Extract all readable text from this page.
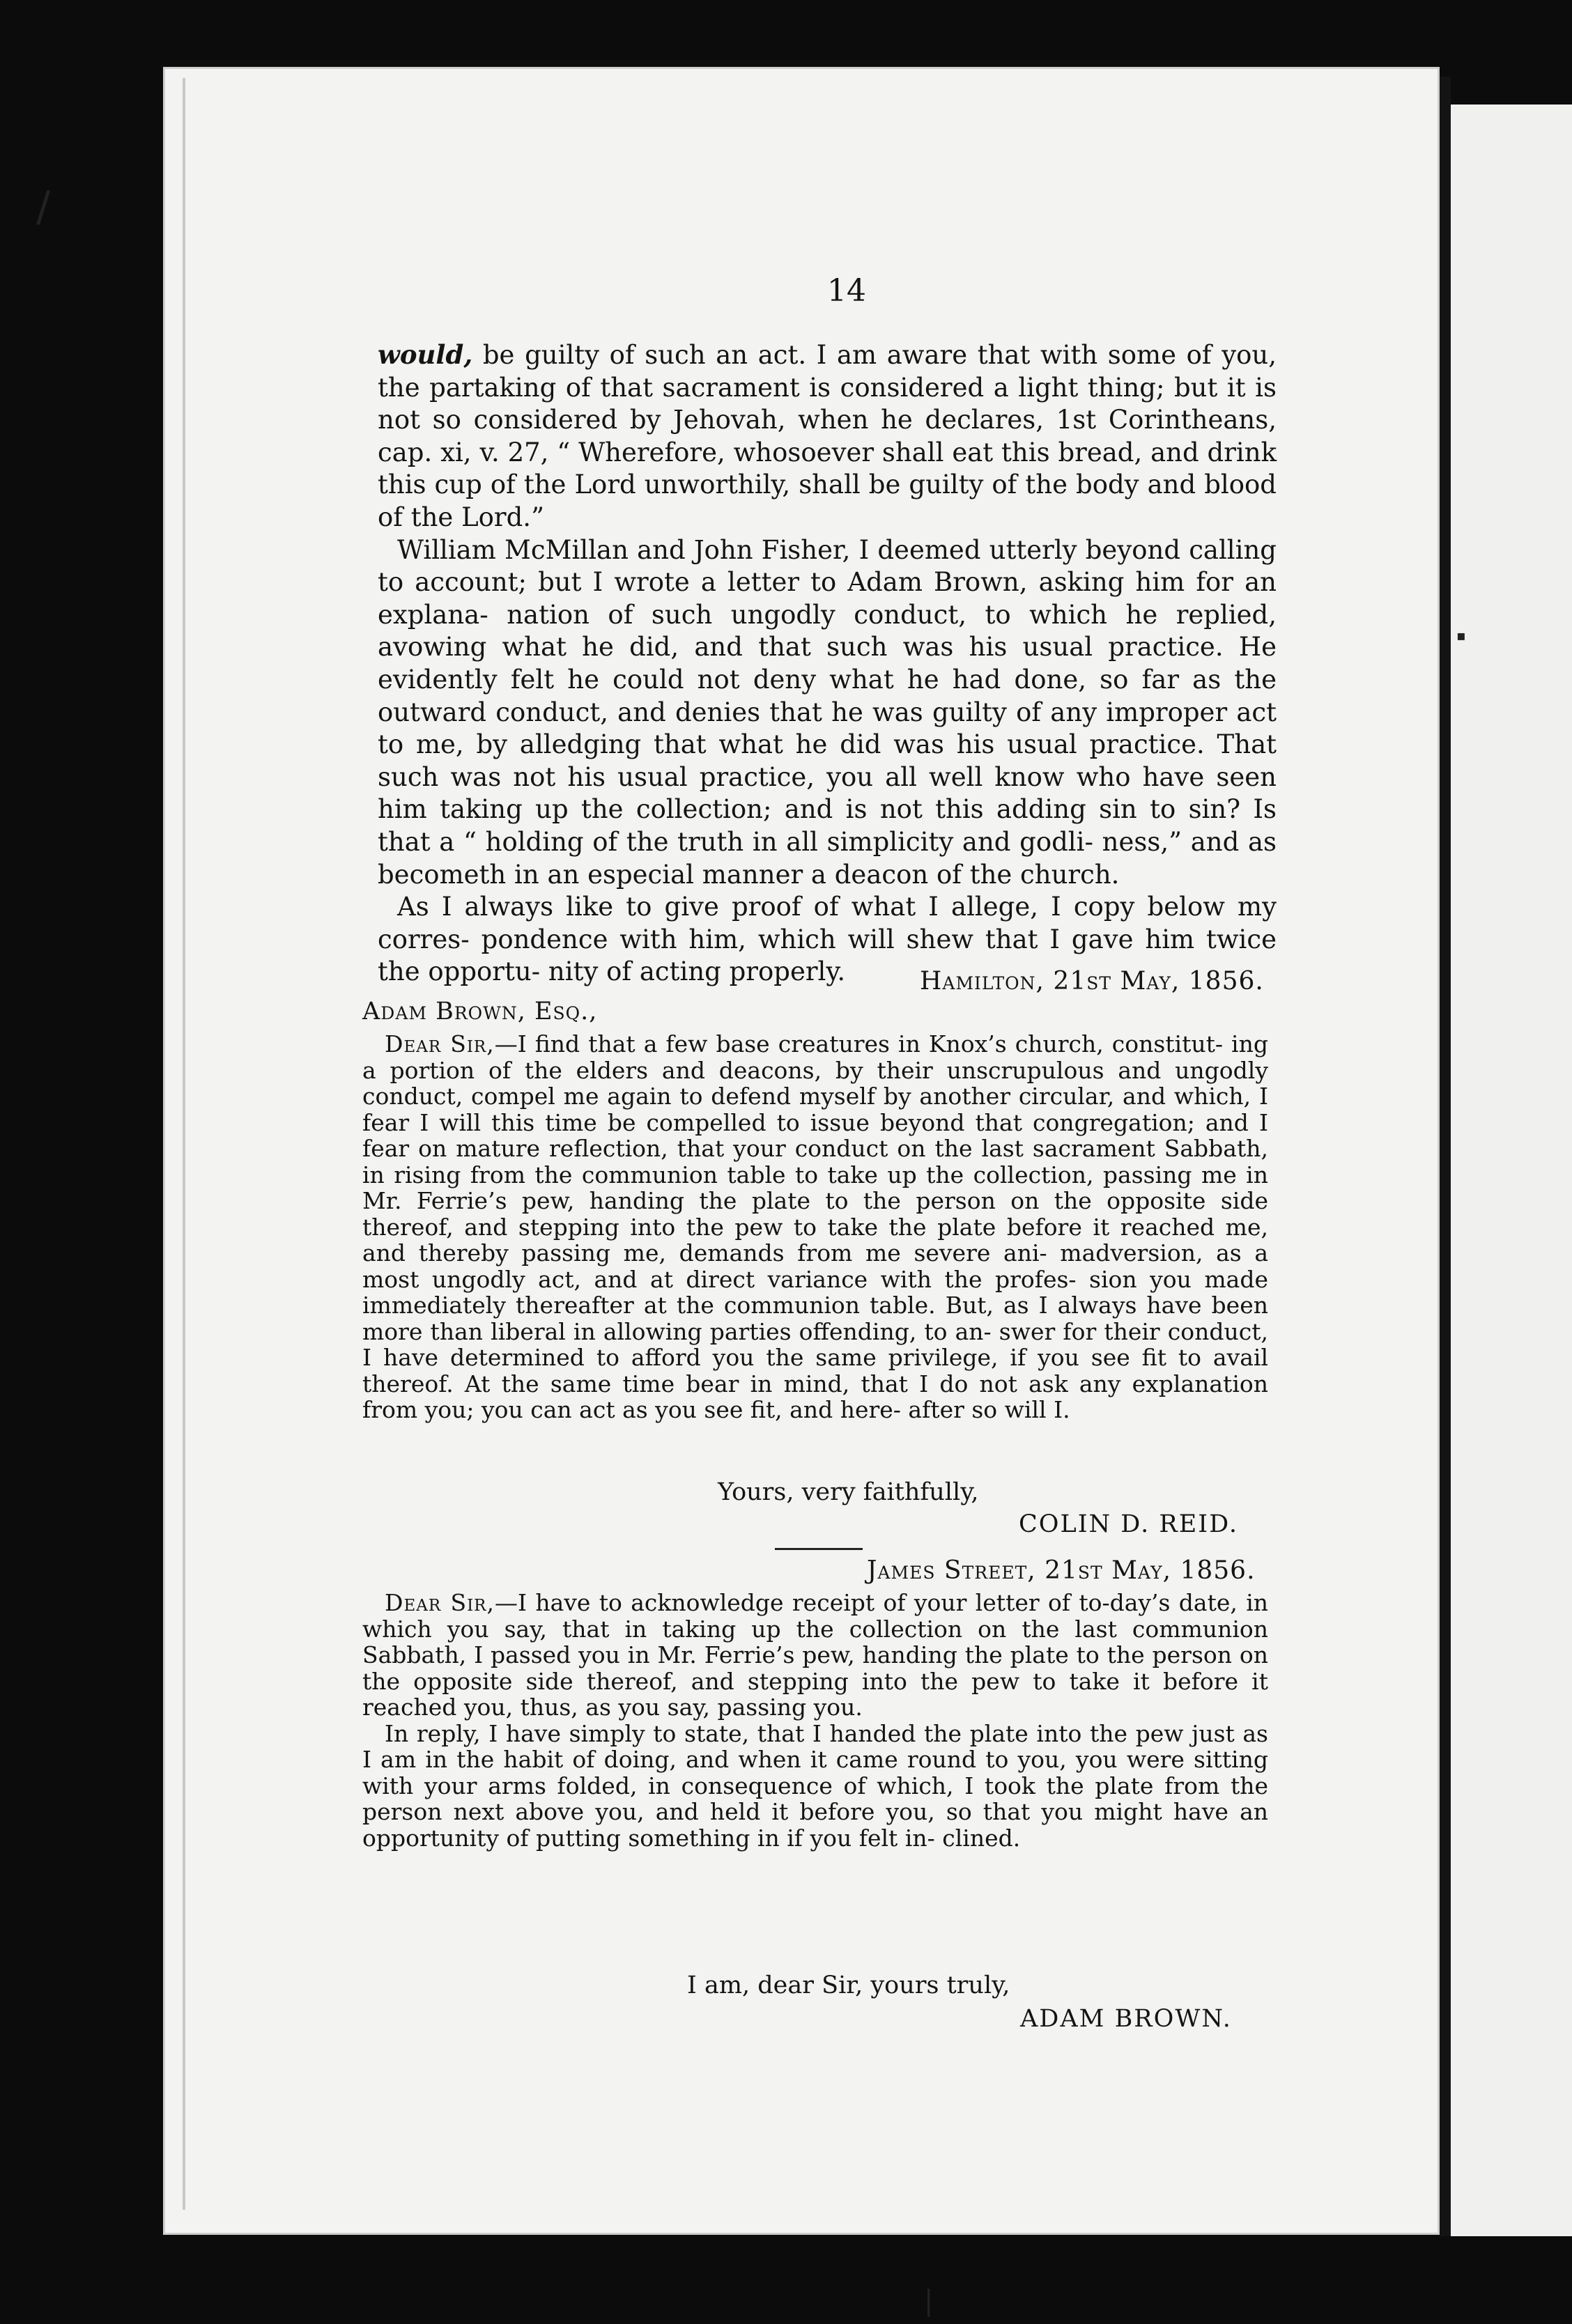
/
▪
|
14

would, be guilty of such an act. I am aware that with some of you, the partaking of that sacrament is considered a light thing; but it is not so considered by Jehovah, when he declares, 1st Corintheans, cap. xi, v. 27, “ Wherefore, whosoever shall eat this bread, and drink this cup of the Lord unworthily, shall be guilty of the body and blood of the Lord.”

William McMillan and John Fisher, I deemed utterly beyond calling to account; but I wrote a letter to Adam Brown, asking him for an explana- nation of such ungodly conduct, to which he replied, avowing what he did, and that such was his usual practice. He evidently felt he could not deny what he had done, so far as the outward conduct, and denies that he was guilty of any improper act to me, by alledging that what he did was his usual practice. That such was not his usual practice, you all well know who have seen him taking up the collection; and is not this adding sin to sin? Is that a “ holding of the truth in all simplicity and godli- ness,” and as becometh in an especial manner a deacon of the church.

As I always like to give proof of what I allege, I copy below my corres- pondence with him, which will shew that I gave him twice the opportu- nity of acting properly.	Hamilton, 21st May, 1856.
Adam Brown, Esq.,

Dear Sir,—I find that a few base creatures in Knox’s church, constitut- ing a portion of the elders and deacons, by their unscrupulous and ungodly conduct, compel me again to defend myself by another circular, and which, I fear I will this time be compelled to issue beyond that congregation; and I fear on mature reflection, that your conduct on the last sacrament Sabbath, in rising from the communion table to take up the collection, passing me in Mr. Ferrie’s pew, handing the plate to the person on the opposite side thereof, and stepping into the pew to take the plate before it reached me, and thereby passing me, demands from me severe ani- madversion, as a most ungodly act, and at direct variance with the profes- sion you made immediately thereafter at the communion table. But, as I always have been more than liberal in allowing parties offending, to an- swer for their conduct, I have determined to afford you the same privilege, if you see fit to avail thereof. At the same time bear in mind, that I do not ask any explanation from you; you can act as you see fit, and here- after so will I.

Yours, very faithfully,
COLIN D. REID.
James Street, 21st May, 1856.

Dear Sir,—I have to acknowledge receipt of your letter of to-day’s date, in which you say, that in taking up the collection on the last communion Sabbath, I passed you in Mr. Ferrie’s pew, handing the plate to the person on the opposite side thereof, and stepping into the pew to take it before it reached you, thus, as you say, passing you.

In reply, I have simply to state, that I handed the plate into the pew just as I am in the habit of doing, and when it came round to you, you were sitting with your arms folded, in consequence of which, I took the plate from the person next above you, and held it before you, so that you might have an opportunity of putting something in if you felt in- clined.

I am, dear Sir, yours truly,
ADAM BROWN.
